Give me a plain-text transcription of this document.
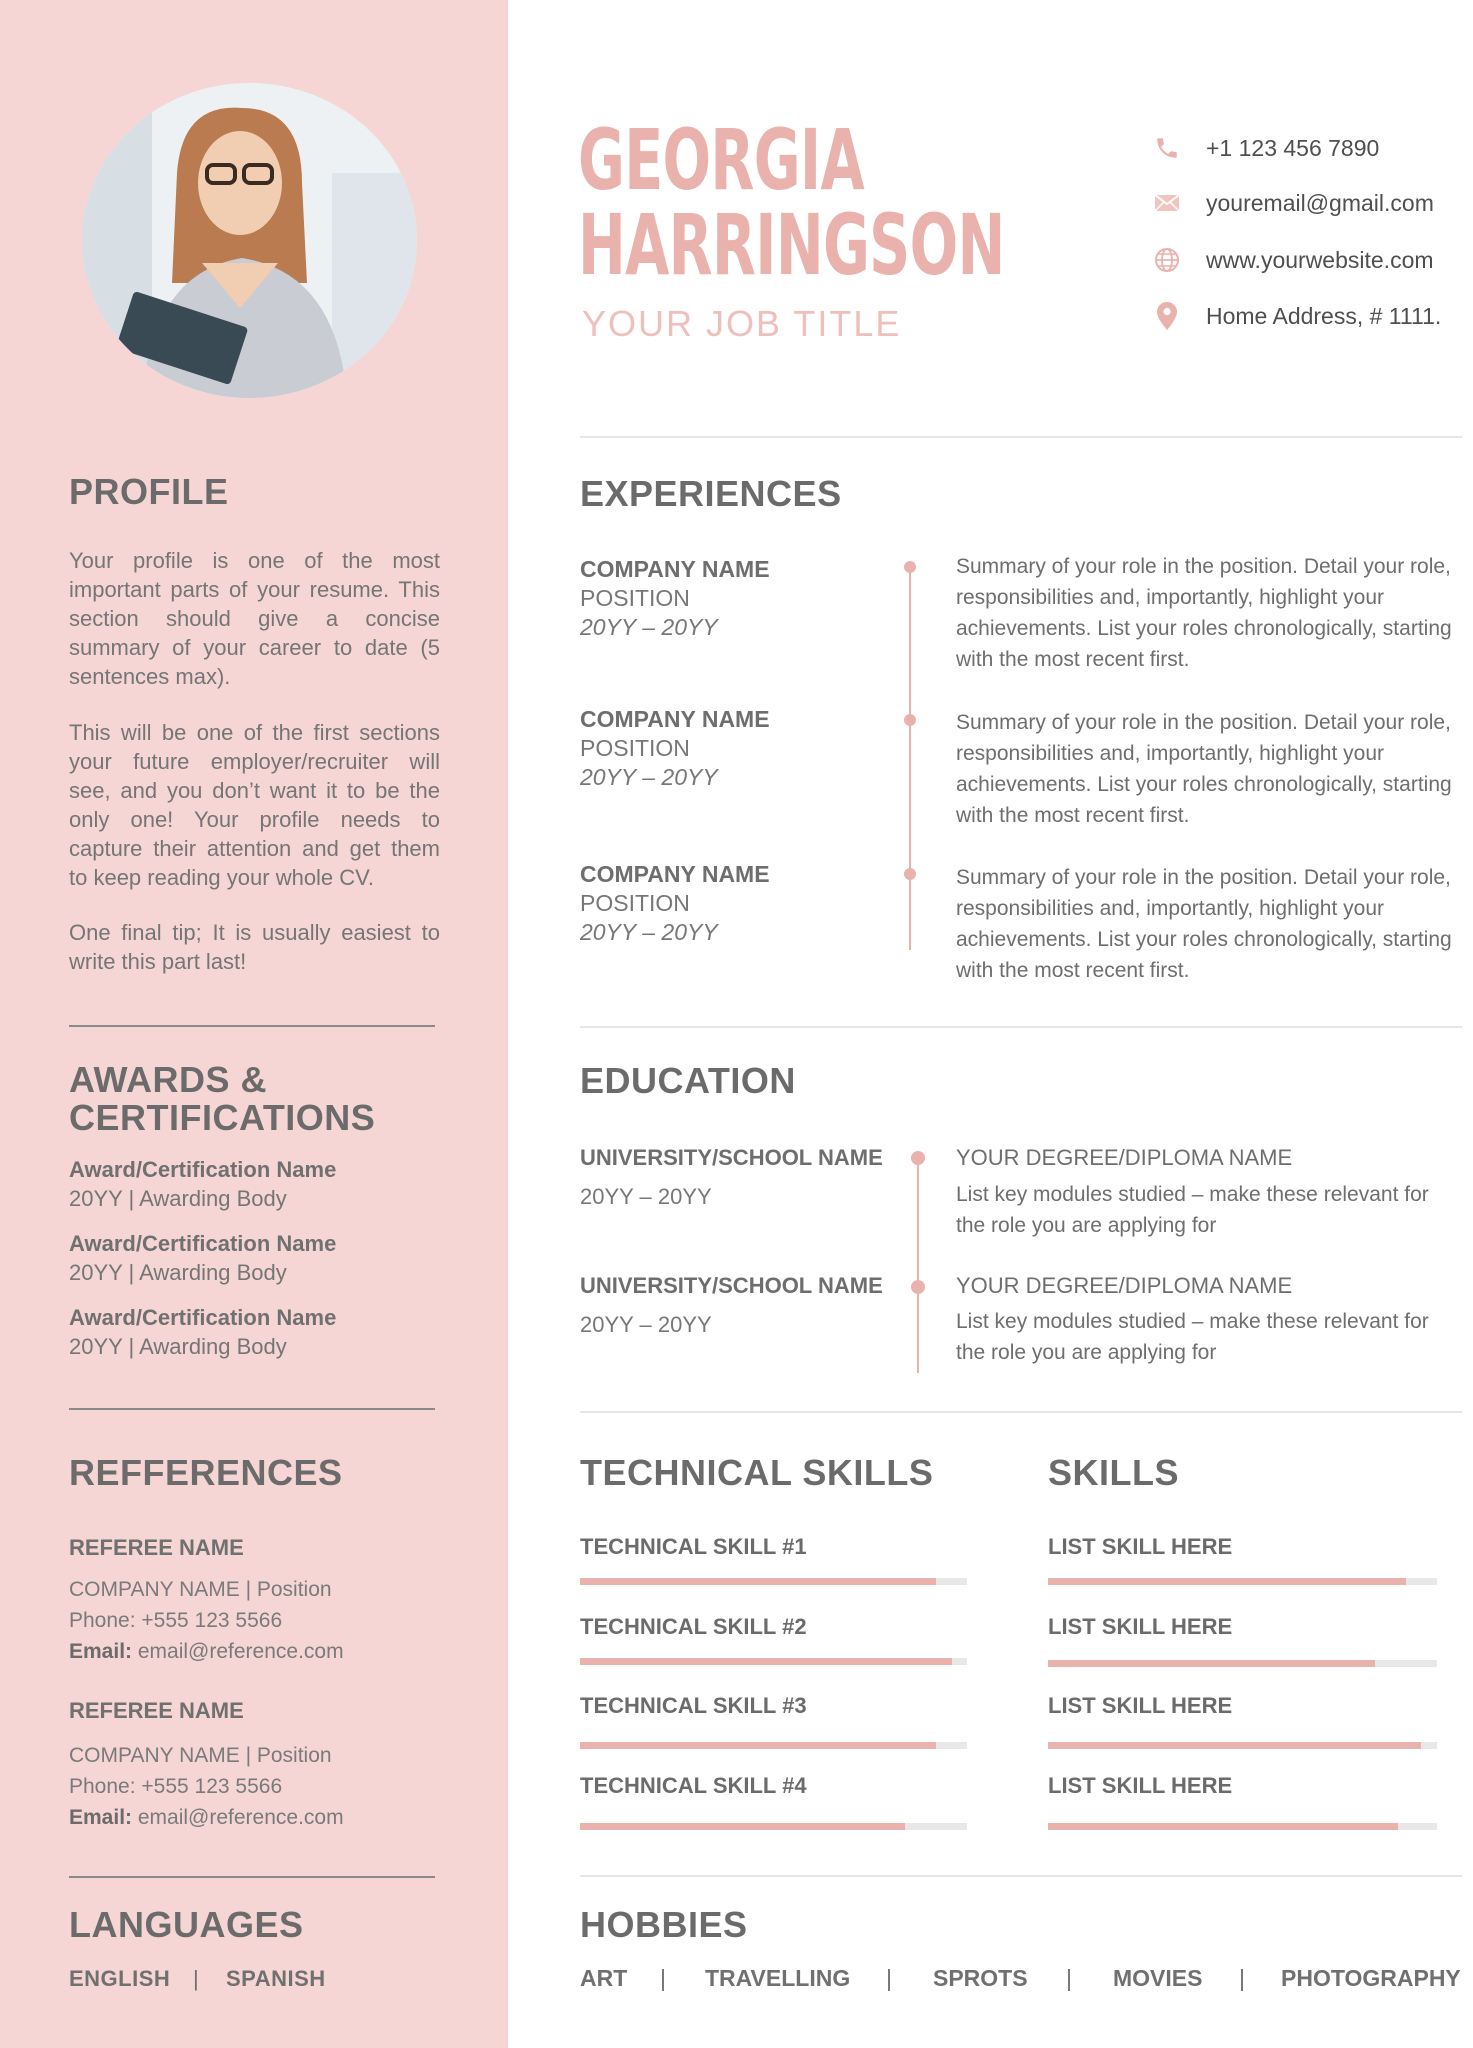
PROFILE

Your profile is one of the most important parts of your resume. This section should give a concise summary of your career to date (5 sentences max).

This will be one of the first sections your future employer/recruiter will see, and you don’t want it to be the only one! Your profile needs to capture their attention and get them to keep reading your whole CV.

One final tip; It is usually easiest to write this part last!

AWARDS &
CERTIFICATIONS
Award/Certification Name
20YY | Awarding Body
Award/Certification Name
20YY | Awarding Body
Award/Certification Name
20YY | Awarding Body
REFFERENCES
REFEREE NAME
COMPANY NAME | Position
Phone: +555 123 5566
Email: email@reference.com
REFEREE NAME
COMPANY NAME | Position
Phone: +555 123 5566
Email: email@reference.com
LANGUAGES
ENGLISH | SPANISH
GEORGIA
HARRINGSON
YOUR JOB TITLE
+1 123 456 7890
youremail@gmail.com
www.yourwebsite.com
Home Address, # 1111.
EXPERIENCES
COMPANY NAME
POSITION
20YY – 20YY
Summary of your role in the position. Detail your role, responsibilities and, importantly, highlight your achievements. List your roles chronologically, starting with the most recent first.
COMPANY NAME
POSITION
20YY – 20YY
Summary of your role in the position. Detail your role, responsibilities and, importantly, highlight your achievements. List your roles chronologically, starting with the most recent first.
COMPANY NAME
POSITION
20YY – 20YY
Summary of your role in the position. Detail your role, responsibilities and, importantly, highlight your achievements. List your roles chronologically, starting with the most recent first.
EDUCATION
UNIVERSITY/SCHOOL NAME
20YY – 20YY
YOUR DEGREE/DIPLOMA NAME
List key modules studied – make these relevant for the role you are applying for
UNIVERSITY/SCHOOL NAME
20YY – 20YY
YOUR DEGREE/DIPLOMA NAME
List key modules studied – make these relevant for the role you are applying for
TECHNICAL SKILLS	SKILLS
TECHNICAL SKILL #1
TECHNICAL SKILL #2
TECHNICAL SKILL #3
TECHNICAL SKILL #4
LIST SKILL HERE
LIST SKILL HERE
LIST SKILL HERE
LIST SKILL HERE
HOBBIES
ART | TRAVELLING | SPROTS | MOVIES | PHOTOGRAPHY
